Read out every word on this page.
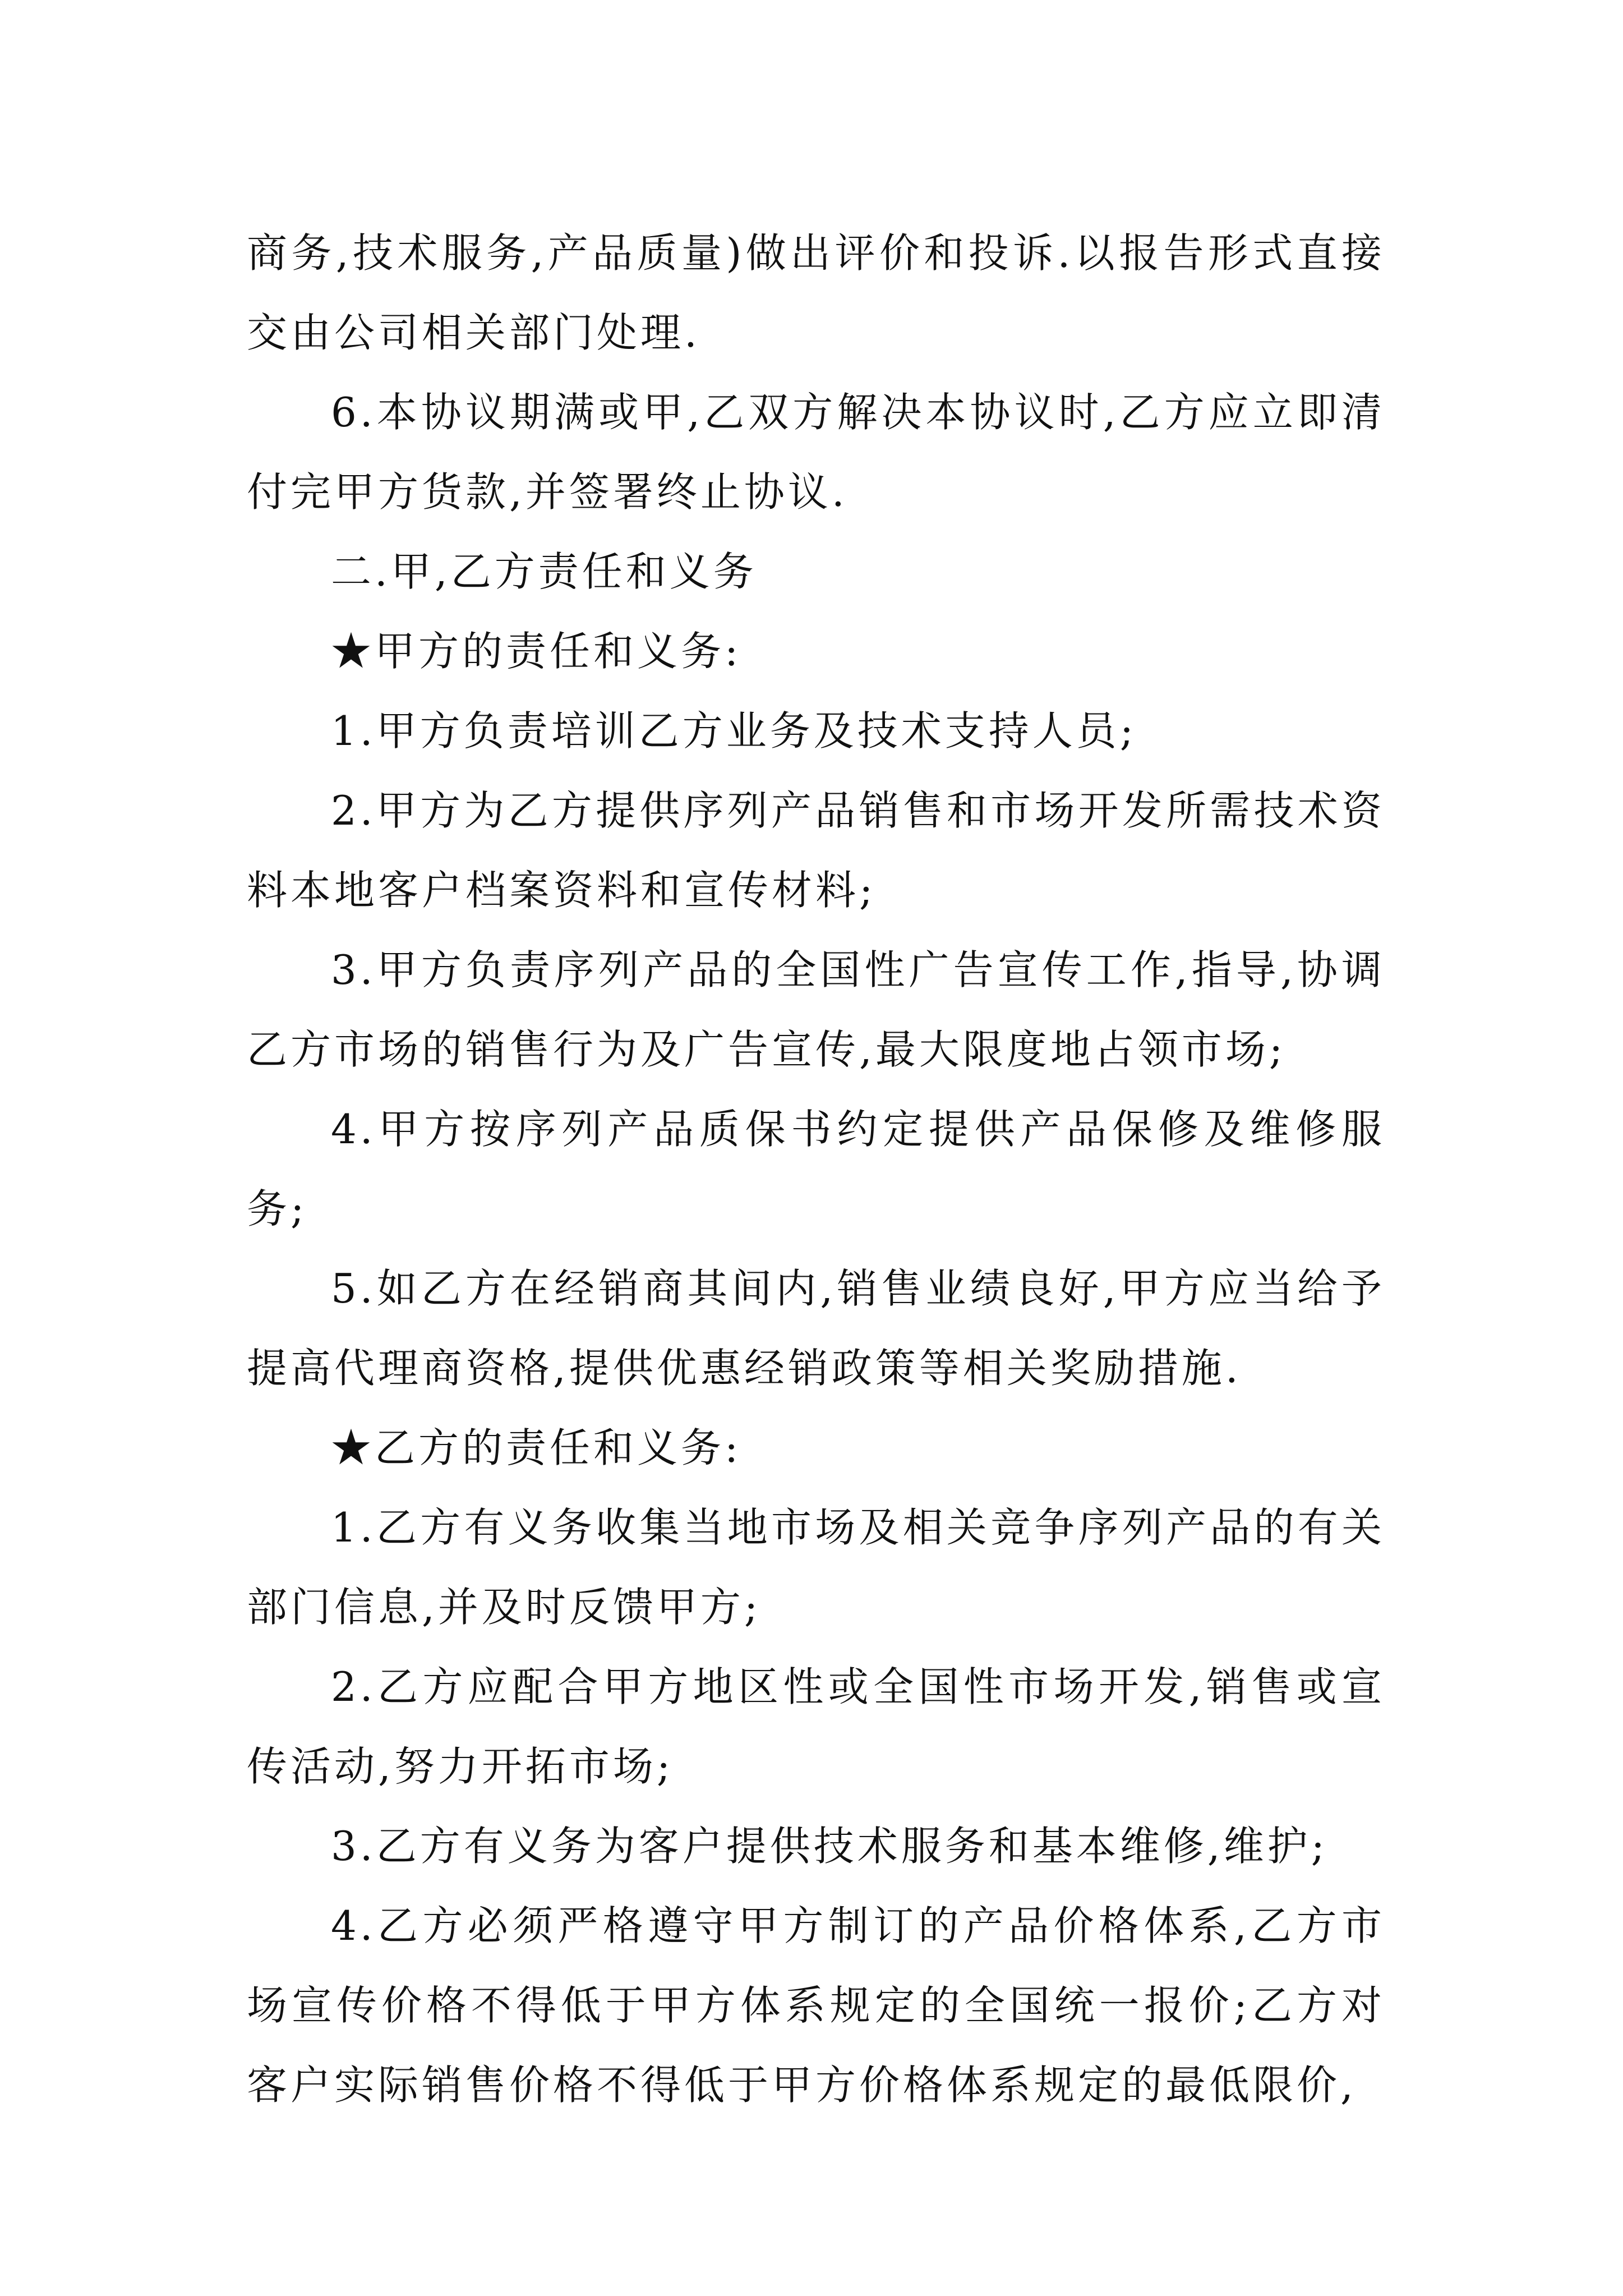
商务,技术服务,产品质量)做出评价和投诉.以报告形式直接交由公司相关部门处理.

6.本协议期满或甲,乙双方解决本协议时,乙方应立即清付完甲方货款,并签署终止协议.

二.甲,乙方责任和义务

★甲方的责任和义务:

1.甲方负责培训乙方业务及技术支持人员;

2.甲方为乙方提供序列产品销售和市场开发所需技术资料本地客户档案资料和宣传材料;

3.甲方负责序列产品的全国性广告宣传工作,指导,协调乙方市场的销售行为及广告宣传,最大限度地占领市场;

4.甲方按序列产品质保书约定提供产品保修及维修服务;

5.如乙方在经销商其间内,销售业绩良好,甲方应当给予提高代理商资格,提供优惠经销政策等相关奖励措施.

★乙方的责任和义务:

1.乙方有义务收集当地市场及相关竞争序列产品的有关部门信息,并及时反馈甲方;

2.乙方应配合甲方地区性或全国性市场开发,销售或宣传活动,努力开拓市场;

3.乙方有义务为客户提供技术服务和基本维修,维护;

4.乙方必须严格遵守甲方制订的产品价格体系,乙方市场宣传价格不得低于甲方体系规定的全国统一报价;乙方对客户实际销售价格不得低于甲方价格体系规定的最低限价,
